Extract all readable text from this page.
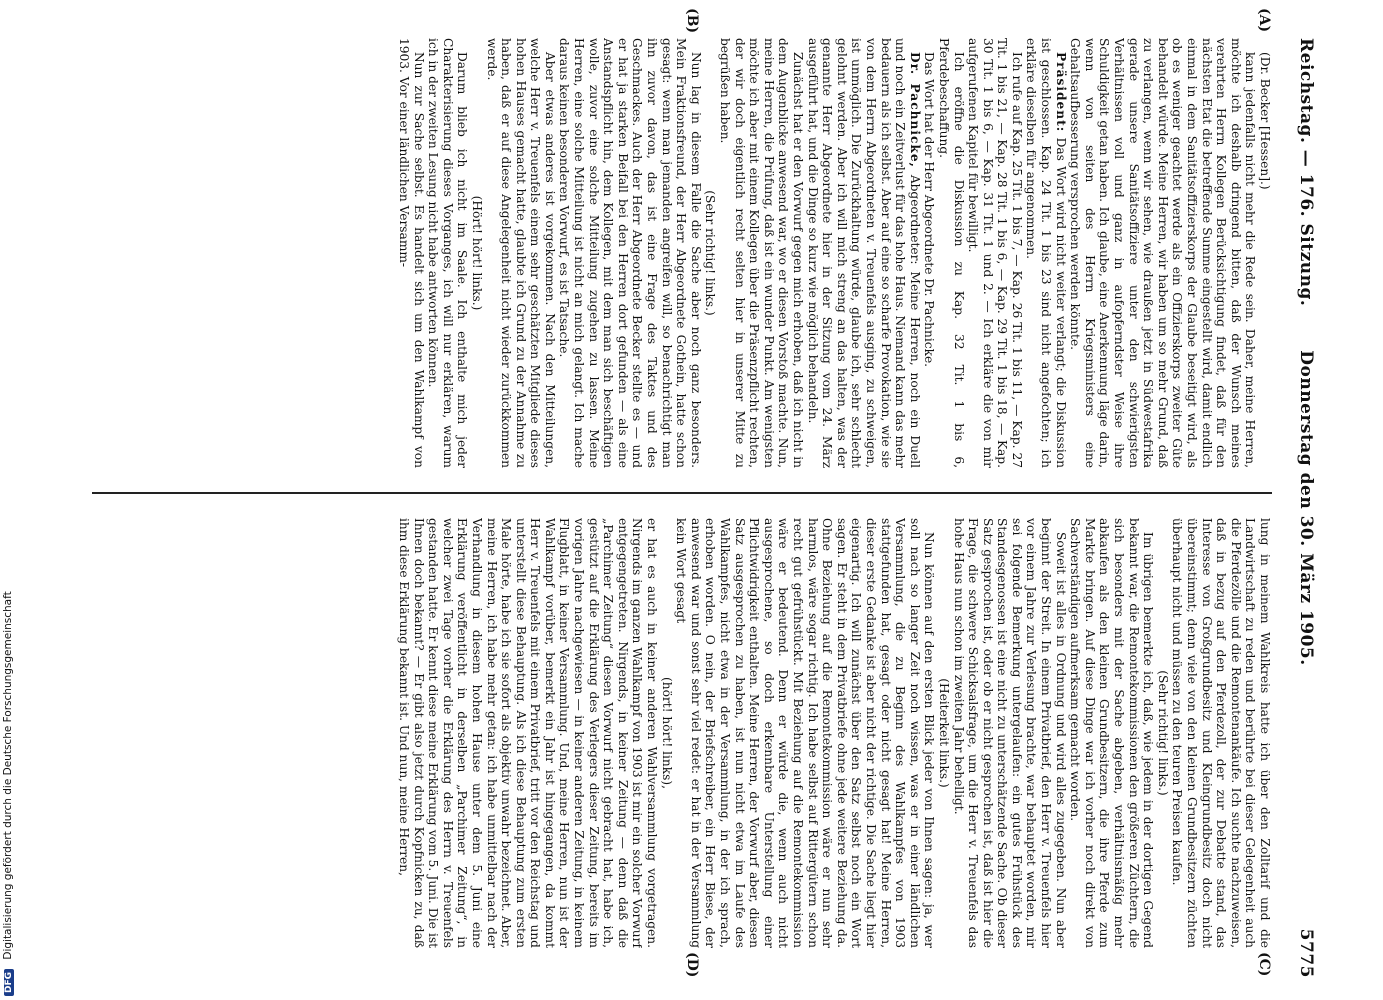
Reichstag. — 176. Sitzung.
Donnerstag den 30. März 1905.
5775
(A)
(B)
(C)
(D)

(Dr. Becker [Hessen].)

kann jedenfalls nicht mehr die Rede sein. Daher, meine Herren, möchte ich deshalb dringend bitten, daß der Wunsch meines verehrten Herrn Kollegen Berücksichtigung findet, daß für den nächsten Etat die betreffende Summe eingestellt wird, damit endlich einmal in dem Sanitätsoffizierskorps der Glaube beseitigt wird, als ob es weniger geachtet werde als ein Offizierskorps zweiter Güte behandelt würde. Meine Herren, wir haben um so mehr Grund, daß zu verlangen, wenn wir sehen, wie draußen jetzt in Südwestafrika gerade unsere Sanitätsoffiziere unter den schwierigsten Verhältnissen voll und ganz in aufopferndster Weise ihre Schuldigkeit getan haben. Ich glaube, eine Anerkennung läge darin, wenn von seiten des Herrn Kriegsministers eine Gehaltsaufbesserung versprochen werden könnte.

Präsident: Das Wort wird nicht weiter verlangt; die Diskussion ist geschlossen. Kap. 24 Tit. 1 bis 23 sind nicht angefochten; ich erkläre dieselben für angenommen.

Ich rufe auf Kap. 25 Tit. 1 bis 7, — Kap. 26 Tit. 1 bis 11, — Kap. 27 Tit. 1 bis 21, — Kap. 28 Tit. 1 bis 6, — Kap. 29 Tit. 1 bis 18, — Kap. 30 Tit. 1 bis 6, — Kap. 31 Tit. 1 und 2. — Ich erkläre die von mir aufgerufenen Kapitel für bewilligt.

Ich eröffne die Diskussion zu Kap. 32 Tit. 1 bis 6, Pferdebeschaffung.

Das Wort hat der Herr Abgeordnete Dr. Pachnicke.

Dr. Pachnicke, Abgeordneter: Meine Herren, noch ein Duell und noch ein Zeitverlust für das hohe Haus. Niemand kann das mehr bedauern als ich selbst. Aber auf eine so scharfe Provokation, wie sie von dem Herrn Abgeordneten v. Treuenfels ausging, zu schweigen, ist unmöglich. Die Zurückhaltung würde, glaube ich, sehr schlecht gelohnt werden. Aber ich will mich streng an das halten, was der genannte Herr Abgeordnete hier in der Sitzung vom 24. März ausgeführt hat, und die Dinge so kurz wie möglich behandeln.

Zunächst hat er den Vorwurf gegen mich erhoben, daß ich nicht in dem Augenblicke anwesend war, wo er diesen Vorstoß machte. Nun, meine Herren, die Prüfung, daß ist ein wunder Punkt. Am wenigsten möchte ich aber mit einem Kollegen über die Präsenzpflicht rechten, der wir doch eigentlich recht selten hier in unserer Mitte zu begrüßen haben.

(Sehr richtig! links.)

Nun lag in diesem Falle die Sache aber noch ganz besonders. Mein Fraktionsfreund, der Herr Abgeordnete Gothein, hatte schon gesagt: wenn man jemanden angreifen will, so benachrichtigt man ihn zuvor davon, das ist eine Frage des Taktes und des Geschmackes. Auch der Herr Abgeordnete Becker stellte es — und er hat ja starken Beifall bei den Herren dort gefunden — als eine Anstandspflicht hin, dem Kollegen, mit dem man sich beschäftigen wolle, zuvor eine solche Mitteilung zugehen zu lassen. Meine Herren, eine solche Mitteilung ist nicht an mich gelangt. Ich mache daraus keinen besonderen Vorwurf, es ist Tatsache.

Aber etwas anderes ist vorgekommen. Nach den Mitteilungen, welche Herr v. Treuenfels einem sehr geschätzten Mitgliede dieses hohen Hauses gemacht hatte, glaubte ich Grund zu der Annahme zu haben, daß er auf diese Angelegenheit nicht wieder zurückkommen werde.

(Hört! hört! links.)

Darum blieb ich nicht im Saale. Ich enthalte mich jeder Charakterisierung dieses Vorganges, ich will nur erklären, warum ich in der zweiten Lesung nicht habe antworten können.

Nun zur Sache selbst. Es handelt sich um den Wahlkampf von 1903. Vor einer ländlichen Versamm-

lung in meinem Wahlkreis hatte ich über den Zolltarif und die Landwirtschaft zu reden und berührte bei dieser Gelegenheit auch die Pferdezölle und die Remontenankäufe. Ich suchte nachzuweisen, daß in bezug auf den Pferdezoll, der zur Debatte stand, das Interesse von Großgrundbesitz und Kleingrundbesitz doch nicht übereinstimmt; denn viele von den kleinen Grundbesitzern züchten überhaupt nicht und müssen zu den teuren Preisen kaufen.

(Sehr richtig! links.)

Im übrigen bemerkte ich, daß, wie jedem in der dortigen Gegend bekannt war, die Remontekommissionen den größeren Züchtern, die sich besonders mit der Sache abgeben, verhältnismäßig mehr abkaufen als den kleinen Grundbesitzern, die ihre Pferde zum Markte bringen. Auf diese Dinge war ich vorher noch direkt von Sachverständigen aufmerksam gemacht worden.

Soweit ist alles in Ordnung und wird alles zugegeben. Nun aber beginnt der Streit. In einem Privatbrief, den Herr v. Treuenfels hier vor einem Jahre zur Verlesung brachte, war behauptet worden, mir sei folgende Bemerkung untergelaufen: ein gutes Frühstück des Standesgenossen ist eine nicht zu unterschätzende Sache. Ob dieser Satz gesprochen ist, oder ob er nicht gesprochen ist, daß ist hier die Frage, die schwere Schicksalsfrage, um die Herr v. Treuenfels das hohe Haus nun schon im zweiten Jahr behelligt.

(Heiterkeit links.)

Nun können auf den ersten Blick jeder von Ihnen sagen: ja, wer soll nach so langer Zeit noch wissen, was er in einer ländlichen Versammlung, die zu Beginn des Wahlkampfes von 1903 stattgefunden hat, gesagt oder nicht gesagt hat! Meine Herren, dieser erste Gedanke ist aber nicht der richtige. Die Sache liegt hier eigenartig. Ich will zunächst über den Satz selbst noch ein Wort sagen. Er steht in dem Privatbriefe ohne jede weitere Beziehung da. Ohne Beziehung auf die Remontekommission wäre er nun sehr harmlos, wäre sogar richtig. Ich habe selbst auf Rittergütern schon recht gut gefrühstückt. Mit Beziehung auf die Remontekommission wäre er bedeutend. Denn er würde die, wenn auch nicht ausgesprochene, so doch erkennbare Unterstellung einer Pflichtwidrigkeit enthalten. Meine Herren, der Vorwurf aber, diesen Satz ausgesprochen zu haben, ist nun nicht etwa im Laufe des Wahlkampfes, nicht etwa in der Versammlung, in der ich sprach, erhoben worden. O nein, der Briefschreiber, ein Herr Biese, der anwesend war und sonst sehr viel redet: er hat in der Versammlung kein Wort gesagt

(hört! hört! links),

er hat es auch in keiner anderen Wahlversammlung vorgetragen. Nirgends im ganzen Wahlkampf von 1903 ist mir ein solcher Vorwurf entgegengetreten. Nirgends, in keiner Zeitung — denn daß die „Parchimer Zeitung“ diesen Vorwurf nicht gebracht hat, habe ich, gestützt auf die Erklärung des Verlegers dieser Zeitung, bereits im vorigen Jahre nachgewiesen — in keiner anderen Zeitung, in keinem Flugblatt, in keiner Versammlung. Und, meine Herren, nun ist der Wahlkampf vorüber, bemerkt ein Jahr ist hingegangen, da kommt Herr v. Treuenfels mit einem Privatbrief, tritt vor den Reichstag und unterstellt diese Behauptung. Als ich diese Behauptung zum ersten Male hörte, habe ich sie sofort als objektiv unwahr bezeichnet. Aber, meine Herren, ich habe mehr getan: ich habe unmittelbar nach der Verhandlung in diesem hohen Hause unter dem 5. Juni eine Erklärung veröffentlicht in derselben „Parchimer Zeitung“, in welcher zwei Tage vorher die Erklärung des Herrn v. Treuenfels gestanden hatte. Er kennt diese meine Erklärung vom 5. Juni. Die ist Ihnen doch bekannt? — Er gibt also jetzt durch Kopfnicken zu, daß ihm diese Erklärung bekannt ist. Und nun, meine Herren,

DFG Digitalisierung gefördert durch die Deutsche Forschungsgemeinschaft
